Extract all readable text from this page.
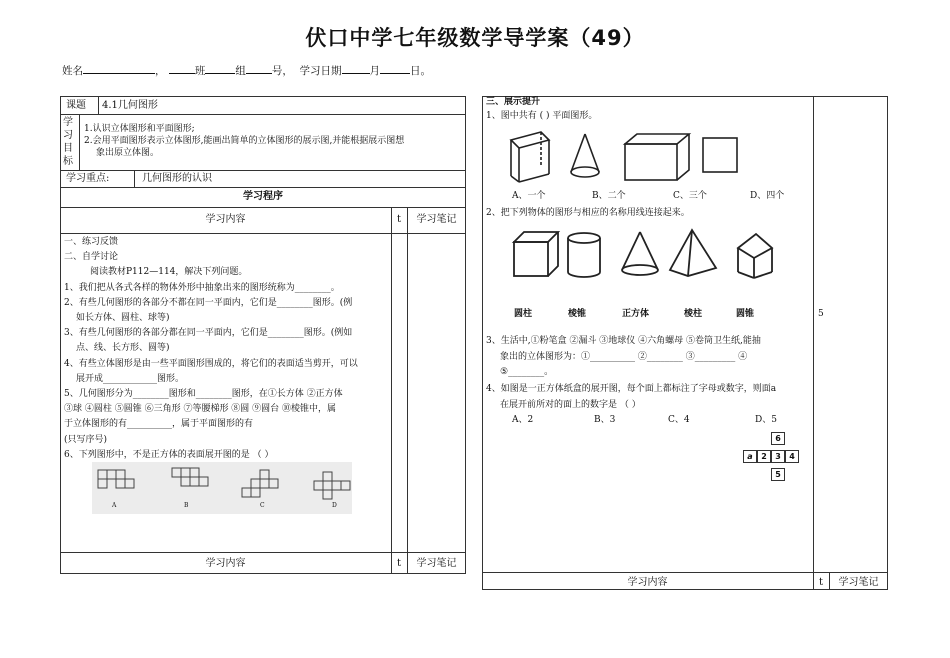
伏口中学七年级数学导学案（49）
姓名	，	班	组 号， 学习日期	月	日。
课题 4.1几何图形
学习目标
1.认识立体图形和平面图形;
2.会用平面图形表示立体图形,能画出简单的立体图形的展示图,并能根据展示图想
象出原立体图。
学习重点:	几何图形的认识
学习程序
学习内容	t	学习笔记
一、练习反馈
二、自学讨论
阅读教材P112—114，解决下列问题。
1、我们把从各式各样的物体外形中抽象出来的图形统称为________。
2、有些几何图形的各部分不都在同一平面内，它们是________图形。(例
如长方体、圆柱、球等)
3、有些几何图形的各部分都在同一平面内，它们是________图形。(例如
点、线、长方形、圆等)
4、有些立体图形是由一些平面图形围成的，将它们的表面适当剪开，可以
展开成____________图形。
5、几何图形分为________图形和________图形，在①长方体 ②正方体
③球 ④圆柱 ⑤圆锥 ⑥三角形 ⑦等腰梯形 ⑧圆 ⑨圆台 ⑩棱锥中，属
于立体图形的有__________，属于平面图形的有
(只写序号)
6、下列图形中，不是正方体的表面展开图的是 （ ）
A	B	C	D
学习内容	t	学习笔记
三、展示提升
1、图中共有 ( ) 平面图形。
A、一个	B、二个	C、三个	D、四个
2、把下列物体的图形与相应的名称用线连接起来。
圆柱	棱锥	正方体	棱柱	圆锥
3、生活中,①粉笔盒 ②漏斗 ③地球仪 ④六角螺母 ⑤卷筒卫生纸,能抽
象出的立体图形为：①__________ ②________ ③_________ ④
⑤________。
4、如图是一正方体纸盒的展开图，每个面上都标注了字母或数字，则面a
在展开前所对的面上的数字是 （ ）
A、2	B、3	C、4	D、5
6
a	2	3	4
5
5
学习内容	t	学习笔记
